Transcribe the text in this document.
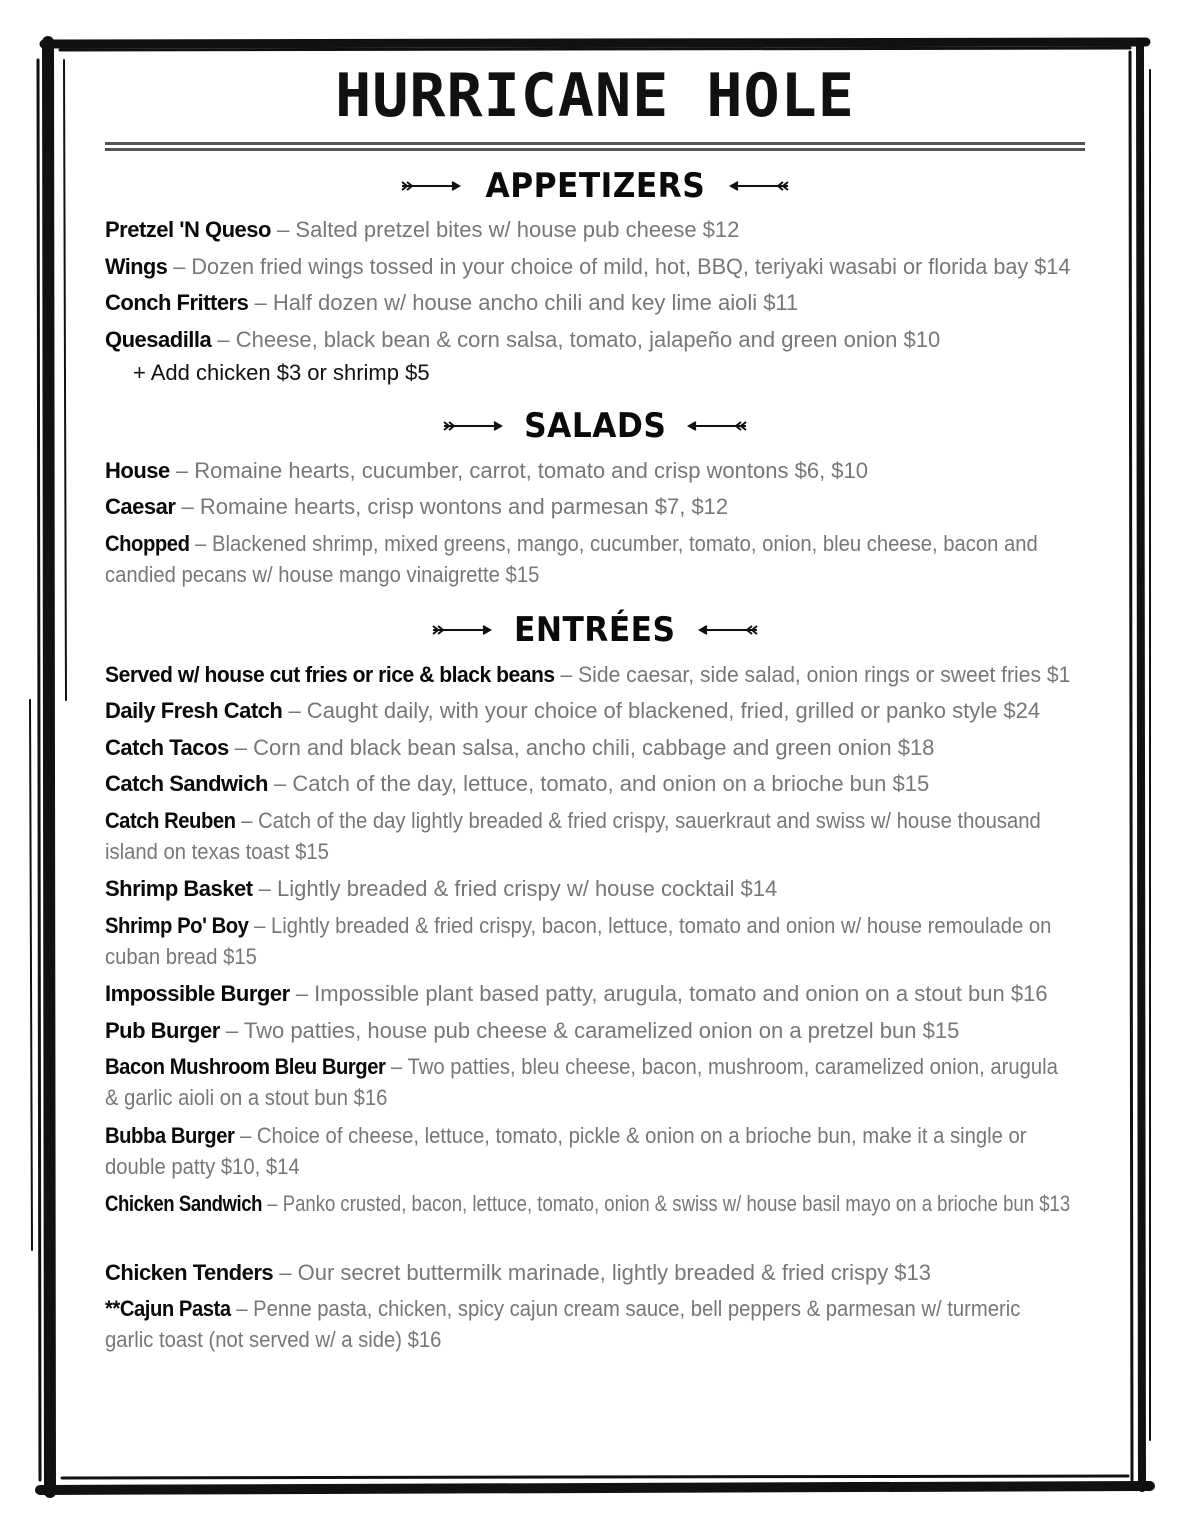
HURRICANE HOLE
APPETIZERS
Pretzel 'N Queso – Salted pretzel bites w/ house pub cheese $12
Wings – Dozen fried wings tossed in your choice of mild, hot, BBQ, teriyaki wasabi or florida bay $14
Conch Fritters – Half dozen w/ house ancho chili and key lime aioli $11
Quesadilla – Cheese, black bean & corn salsa, tomato, jalapeño and green onion $10
+ Add chicken $3 or shrimp $5
SALADS
House – Romaine hearts, cucumber, carrot, tomato and crisp wontons $6, $10
Caesar – Romaine hearts, crisp wontons and parmesan $7, $12
Chopped – Blackened shrimp, mixed greens, mango, cucumber, tomato, onion, bleu cheese, bacon and candied pecans w/ house mango vinaigrette $15
ENTRÉES
Served w/ house cut fries or rice & black beans – Side caesar, side salad, onion rings or sweet fries $1
Daily Fresh Catch – Caught daily, with your choice of blackened, fried, grilled or panko style $24
Catch Tacos – Corn and black bean salsa, ancho chili, cabbage and green onion $18
Catch Sandwich – Catch of the day, lettuce, tomato, and onion on a brioche bun $15
Catch Reuben – Catch of the day lightly breaded & fried crispy, sauerkraut and swiss w/ house thousand island on texas toast $15
Shrimp Basket – Lightly breaded & fried crispy w/ house cocktail $14
Shrimp Po' Boy – Lightly breaded & fried crispy, bacon, lettuce, tomato and onion w/ house remoulade on cuban bread $15
Impossible Burger – Impossible plant based patty, arugula, tomato and onion on a stout bun $16
Pub Burger – Two patties, house pub cheese & caramelized onion on a pretzel bun $15
Bacon Mushroom Bleu Burger – Two patties, bleu cheese, bacon, mushroom, caramelized onion, arugula & garlic aioli on a stout bun $16
Bubba Burger – Choice of cheese, lettuce, tomato, pickle & onion on a brioche bun, make it a single or double patty $10, $14
Chicken Sandwich – Panko crusted, bacon, lettuce, tomato, onion & swiss w/ house basil mayo on a brioche bun $13
Chicken Tenders – Our secret buttermilk marinade, lightly breaded & fried crispy $13
**Cajun Pasta – Penne pasta, chicken, spicy cajun cream sauce, bell peppers & parmesan w/ turmeric garlic toast (not served w/ a side) $16
